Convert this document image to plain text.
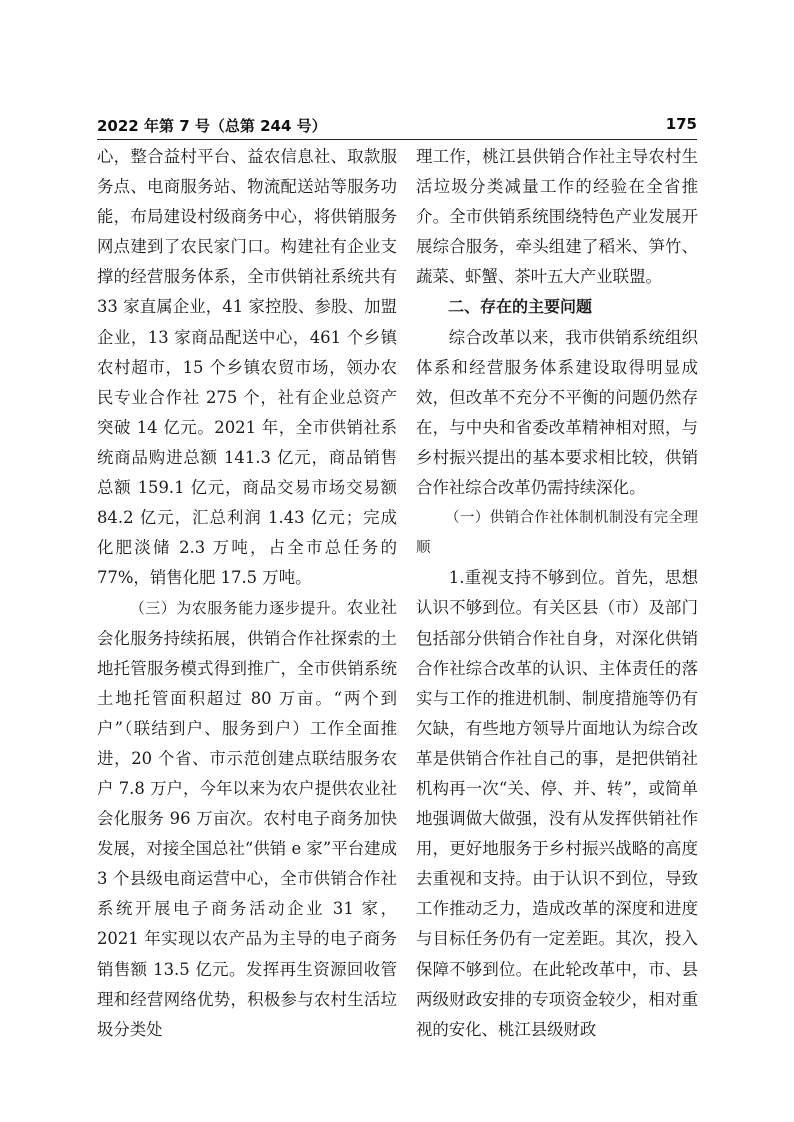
2022 年第 7 号（总第 244 号）	175

心，整合益村平台、益农信息社、取款服务点、电商服务站、物流配送站等服务功能，布局建设村级商务中心，将供销服务网点建到了农民家门口。构建社有企业支撑的经营服务体系，全市供销社系统共有 33 家直属企业，41 家控股、参股、加盟企业，13 家商品配送中心，461 个乡镇农村超市，15 个乡镇农贸市场，领办农民专业合作社 275 个，社有企业总资产突破 14 亿元。2021 年，全市供销社系统商品购进总额 141.3 亿元，商品销售总额 159.1 亿元，商品交易市场交易额 84.2 亿元，汇总利润 1.43 亿元；完成化肥淡储 2.3 万吨，占全市总任务的 77%，销售化肥 17.5 万吨。

（三）为农服务能力逐步提升。农业社会化服务持续拓展，供销合作社探索的土地托管服务模式得到推广，全市供销系统土地托管面积超过 80 万亩。“两个到户”（联结到户、服务到户）工作全面推进，20 个省、市示范创建点联结服务农户 7.8 万户，今年以来为农户提供农业社会化服务 96 万亩次。农村电子商务加快发展，对接全国总社“供销 e 家”平台建成 3 个县级电商运营中心，全市供销合作社系统开展电子商务活动企业 31 家，2021 年实现以农产品为主导的电子商务销售额 13.5 亿元。发挥再生资源回收管理和经营网络优势，积极参与农村生活垃圾分类处

理工作，桃江县供销合作社主导农村生活垃圾分类减量工作的经验在全省推介。全市供销系统围绕特色产业发展开展综合服务，牵头组建了稻米、笋竹、蔬菜、虾蟹、茶叶五大产业联盟。

二、存在的主要问题

综合改革以来，我市供销系统组织体系和经营服务体系建设取得明显成效，但改革不充分不平衡的问题仍然存在，与中央和省委改革精神相对照，与乡村振兴提出的基本要求相比较，供销合作社综合改革仍需持续深化。

（一）供销合作社体制机制没有完全理顺

1.重视支持不够到位。首先，思想认识不够到位。有关区县（市）及部门包括部分供销合作社自身，对深化供销合作社综合改革的认识、主体责任的落实与工作的推进机制、制度措施等仍有欠缺，有些地方领导片面地认为综合改革是供销合作社自己的事，是把供销社机构再一次“关、停、并、转”，或简单地强调做大做强，没有从发挥供销社作用，更好地服务于乡村振兴战略的高度去重视和支持。由于认识不到位，导致工作推动乏力，造成改革的深度和进度与目标任务仍有一定差距。其次，投入保障不够到位。在此轮改革中，市、县两级财政安排的专项资金较少，相对重视的安化、桃江县级财政
